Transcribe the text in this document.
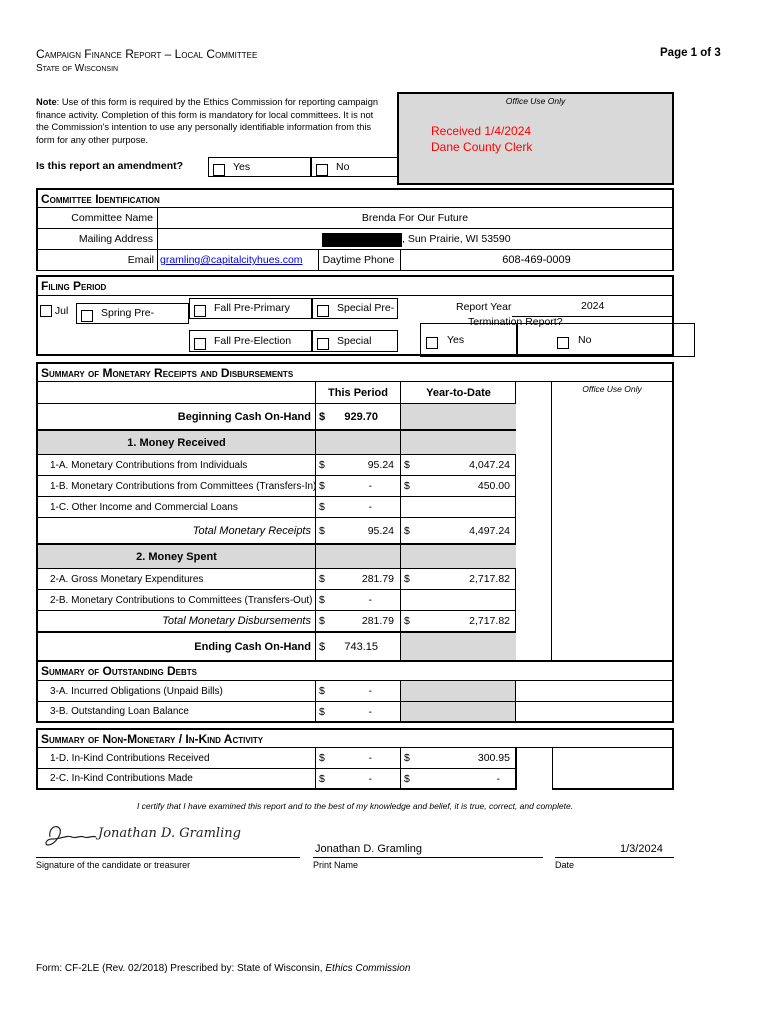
Campaign Finance Report – Local Committee
State of Wisconsin
Page 1 of 3
Note: Use of this form is required by the Ethics Commission for reporting campaign finance activity. Completion of this form is mandatory for local committees. It is not the Commission's intention to use any personally identifiable information from this form for any other purpose.
Is this report an amendment?	Yes	No
Office Use Only
Received 1/4/2024
Dane County Clerk
Committee Identification
Committee Name	Brenda For Our Future
Mailing Address	, Sun Prairie, WI 53590
Email gramling@capitalcityhues.com	Daytime Phone	608-469-0009
Filing Period
Jul	Spring Pre-	Fall Pre-Primary	Special Pre-	Report Year	2024
Termination Report?
Fall Pre-Election	Special	Yes	No
Summary of Monetary Receipts and Disbursements
Office Use Only
This Period	Year-to-Date
Beginning Cash On-Hand $ 929.70
1. Money Received
1-A. Monetary Contributions from Individuals	$	95.24 $	4,047.24
1-B. Monetary Contributions from Committees (Transfers-In) $	-	$	450.00
1-C. Other Income and Commercial Loans	$	-
Total Monetary Receipts $	95.24 $	4,497.24
2. Money Spent
2-A. Gross Monetary Expenditures	$	281.79 $	2,717.82
2-B. Monetary Contributions to Committees (Transfers-Out) $	-
Total Monetary Disbursements $	281.79 $	2,717.82
Ending Cash On-Hand $ 743.15
Summary of Outstanding Debts
3-A. Incurred Obligations (Unpaid Bills)	$	-
3-B. Outstanding Loan Balance	$	-
Summary of Non-Monetary / In-Kind Activity
1-D. In-Kind Contributions Received	$	-	$	300.95
2-C. In-Kind Contributions Made	$	-	$	-
I certify that I have examined this report and to the best of my knowledge and belief, it is true, correct, and complete.
Jonathan D. Gramling
Jonathan D. Gramling	1/3/2024
Signature of the candidate or treasurer	Print Name	Date
Form: CF-2LE (Rev. 02/2018) Prescribed by: State of Wisconsin, Ethics Commission
